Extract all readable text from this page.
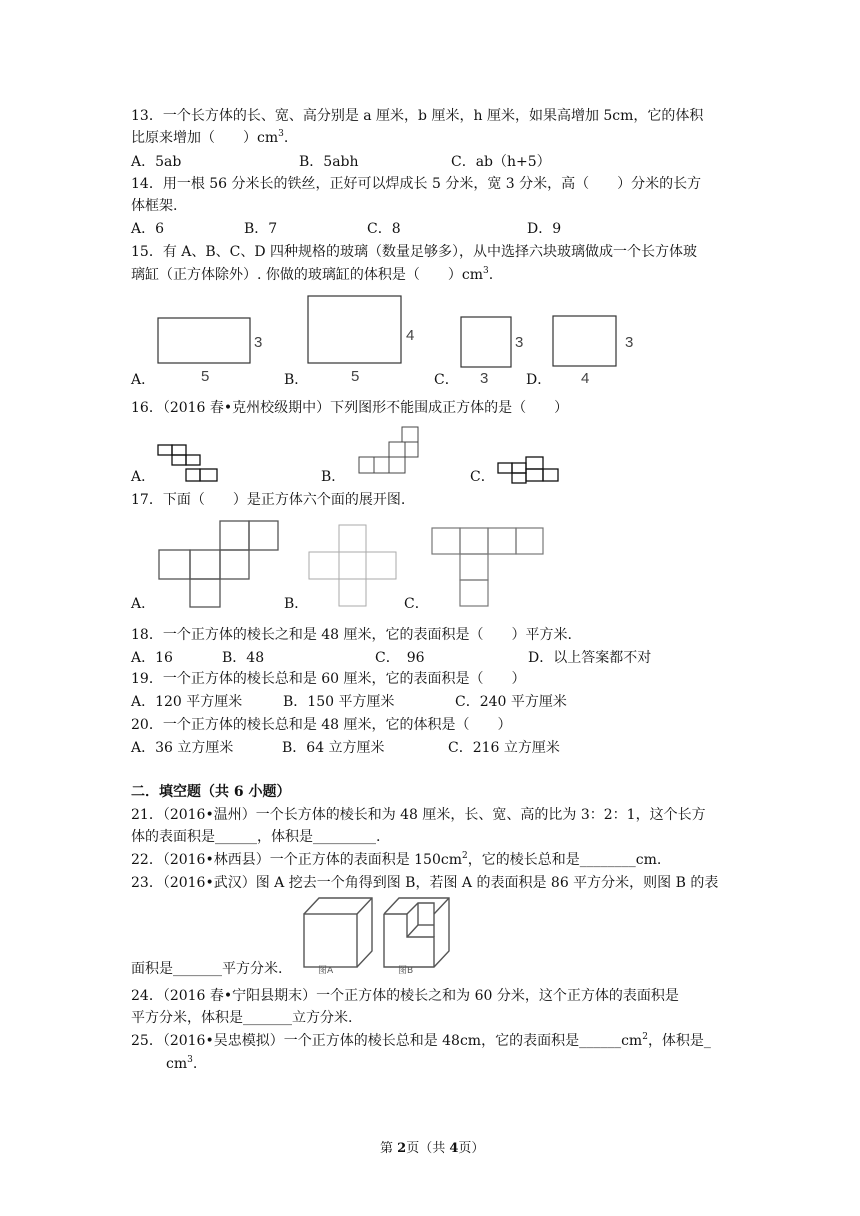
13．一个长方体的长、宽、高分别是 a 厘米，b 厘米，h 厘米，如果高增加 5cm，它的体积
比原来增加（　　）$cm^3$.
A．5ab	B．5abh	C．ab（h+5）
14．用一根 56 分米长的铁丝，正好可以焊成长 5 分米，宽 3 分米，高（　　）分米的长方
体框架.
A．6	B．7	C．8	D．9
15．有 A、B、C、D 四种规格的玻璃（数量足够多），从中选择六块玻璃做成一个长方体玻
璃缸（正方体除外）. 你做的玻璃缸的体积是（　　）$cm^3$.
3
5
4
5
3
3
3
4
A．	B．	C．	D．
16．（2016 春•克州校级期中）下列图形不能围成正方体的是（　　）
A．	B．	C．
17．下面（　　）是正方体六个面的展开图.
A．	B．	C．
18．一个正方体的棱长之和是 48 厘米，它的表面积是（　　）平方米.
A．16	B．48	C．　96	D．以上答案都不对
19．一个正方体的棱长总和是 60 厘米，它的表面积是（　　）
A．120 平方厘米	B．150 平方厘米	C．240 平方厘米
20．一个正方体的棱长总和是 48 厘米，它的体积是（　　）
A．36 立方厘米	B．64 立方厘米	C．216 立方厘米
二．填空题（共 6 小题）
21．（2016•温州）一个长方体的棱长和为 48 厘米，长、宽、高的比为 3：2：1，这个长方
体的表面积是______，体积是_________.
22．（2016•林西县）一个正方体的表面积是 $150cm^2$，它的棱长总和是________cm.
23．（2016•武汉）图 A 挖去一个角得到图 B，若图 A 的表面积是 86 平方分米，则图 B 的表
图A	图B
面积是_______平方分米.
24．（2016 春•宁阳县期末）一个正方体的棱长之和为 60 分米，这个正方体的表面积是
平方分米，体积是_______立方分米.
25．（2016•吴忠模拟）一个正方体的棱长总和是 48cm，它的表面积是$\_\_\_\_\_\_cm^2$，体积是_
$cm^3$.
第 2页（共 4页）
